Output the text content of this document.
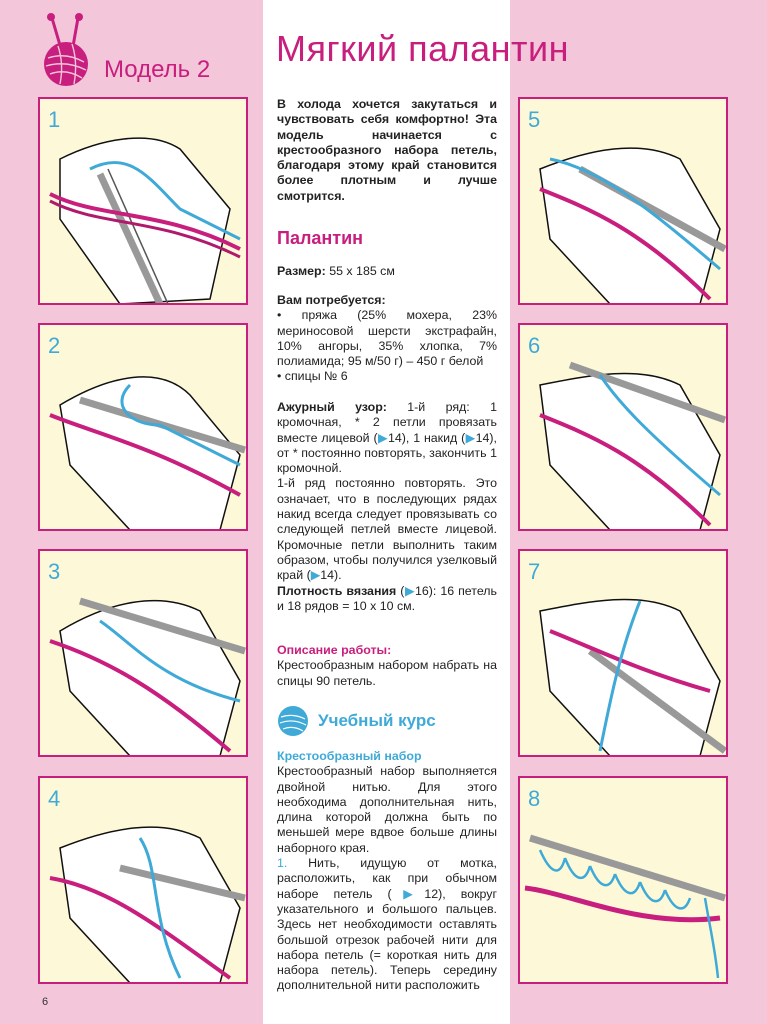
Модель 2
Мягкий палантин
1
2
3
4
5
6
7
8
В холода хочется закутаться и чувствовать себя комфортно! Эта модель начинается с крестообразного набора петель, благодаря этому край становится более плотным и лучше смотрится.
Палантин
Размер: 55 х 185 см
Вам потребуется:
• пряжа (25% мохера, 23% мериносовой шерсти экстрафайн, 10% ангоры, 35% хлопка, 7% полиамида; 95 м/50 г) – 450 г белой
• спицы № 6

Ажурный узор: 1-й ряд: 1 кромочная, * 2 петли провязать вместе лицевой (▶14), 1 накид (▶14), от * постоянно повторять, закончить 1 кромочной.

1-й ряд постоянно повторять. Это означает, что в последующих рядах накид всегда следует провязывать со следующей петлей вместе лицевой. Кромочные петли выполнить таким образом, чтобы получился узелковый край (▶14).

Плотность вязания (▶16): 16 петель и 18 рядов = 10 х 10 см.

Описание работы:
Крестообразным набором набрать на спицы 90 петель.
Учебный курс
Крестообразный набор

Крестообразный набор выполняется двойной нитью. Для этого необходима дополнительная нить, длина которой должна быть по меньшей мере вдвое больше длины наборного края.

1. Нить, идущую от мотка, расположить, как при обычном наборе петель (▶12), вокруг указательного и большого пальцев. Здесь нет необходимости оставлять большой отрезок рабочей нити для набора петель (= короткая нить для набора петель). Теперь середину дополнительной нити расположить

6
